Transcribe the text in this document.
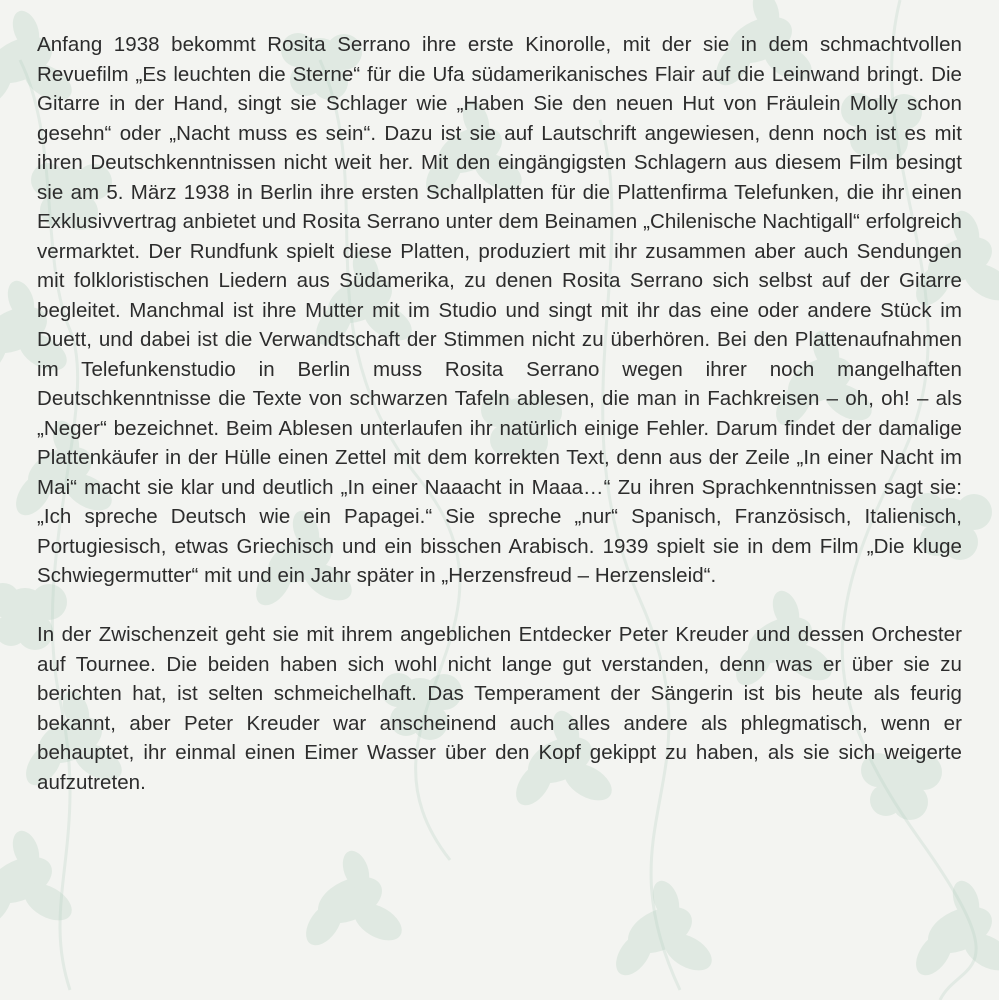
Anfang 1938 bekommt Rosita Serrano ihre erste Kinorolle, mit der sie in dem schmachtvollen Revuefilm „Es leuchten die Sterne“ für die Ufa südamerikanisches Flair auf die Leinwand bringt. Die Gitarre in der Hand, singt sie Schlager wie „Haben Sie den neuen Hut von Fräulein Molly schon gesehn“ oder „Nacht muss es sein“. Dazu ist sie auf Lautschrift angewiesen, denn noch ist es mit ihren Deutschkenntnissen nicht weit her. Mit den eingängigsten Schlagern aus diesem Film besingt sie am 5. März 1938 in Berlin ihre ersten Schallplatten für die Plattenfirma Telefunken, die ihr einen Exklusivvertrag anbietet und Rosita Serrano unter dem Beinamen „Chilenische Nachtigall“ erfolgreich vermarktet. Der Rundfunk spielt diese Platten, produziert mit ihr zusammen aber auch Sendungen mit folkloristischen Liedern aus Südamerika, zu denen Rosita Serrano sich selbst auf der Gitarre begleitet. Manchmal ist ihre Mutter mit im Studio und singt mit ihr das eine oder andere Stück im Duett, und dabei ist die Verwandtschaft der Stimmen nicht zu überhören. Bei den Plattenaufnahmen im Telefunkenstudio in Berlin muss Rosita Serrano wegen ihrer noch mangelhaften Deutschkenntnisse die Texte von schwarzen Tafeln ablesen, die man in Fachkreisen – oh, oh! – als „Neger“ bezeichnet. Beim Ablesen unterlaufen ihr natürlich einige Fehler. Darum findet der damalige Plattenkäufer in der Hülle einen Zettel mit dem korrekten Text, denn aus der Zeile „In einer Nacht im Mai“ macht sie klar und deutlich „In einer Naaacht in Maaa…“ Zu ihren Sprachkenntnissen sagt sie: „Ich spreche Deutsch wie ein Papagei.“ Sie spreche „nur“ Spanisch, Französisch, Italienisch, Portugiesisch, etwas Griechisch und ein bisschen Arabisch. 1939 spielt sie in dem Film „Die kluge Schwiegermutter“ mit und ein Jahr später in „Herzensfreud – Herzensleid“.

In der Zwischenzeit geht sie mit ihrem angeblichen Entdecker Peter Kreuder und dessen Orchester auf Tournee. Die beiden haben sich wohl nicht lange gut verstanden, denn was er über sie zu berichten hat, ist selten schmeichelhaft. Das Temperament der Sängerin ist bis heute als feurig bekannt, aber Peter Kreuder war anscheinend auch alles andere als phlegmatisch, wenn er behauptet, ihr einmal einen Eimer Wasser über den Kopf gekippt zu haben, als sie sich weigerte aufzutreten.
